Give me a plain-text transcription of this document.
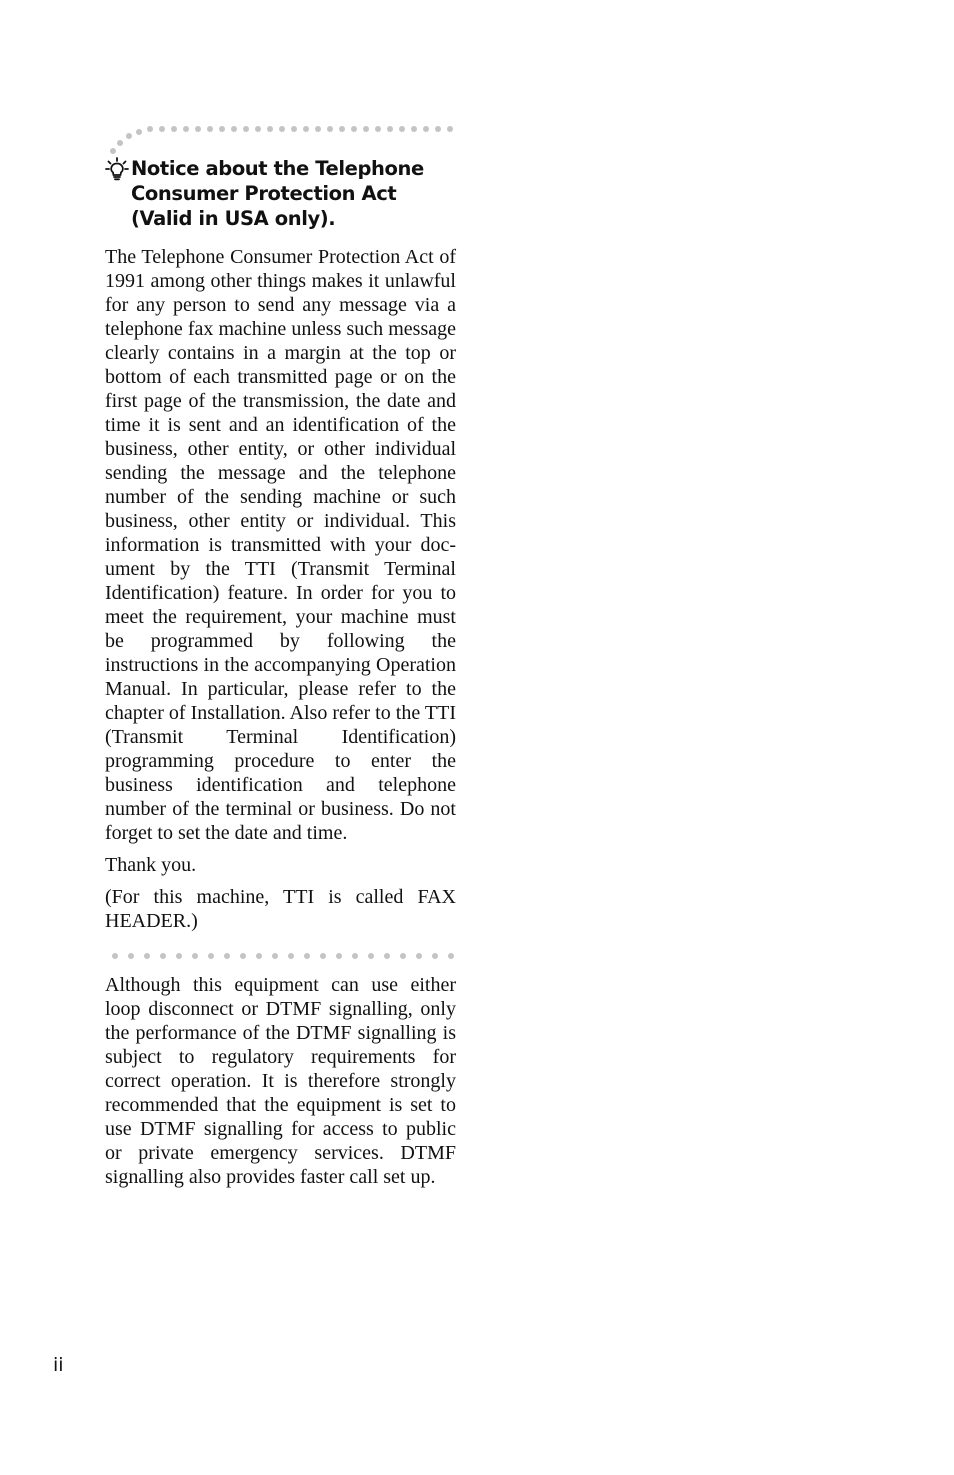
Notice about the Telephone Consumer Protection Act (Valid in USA only).

The Telephone Consumer Protection Act of 1991 among other things makes it unlawful for any person to send any message via a telephone fax machine unless such message clearly contains in a margin at the top or bottom of each transmitted page or on the first page of the transmission, the date and time it is sent and an identification of the business, other entity, or other individual sending the message and the telephone number of the sending machine or such business, other entity or individual. This information is transmitted with your document by the TTI (Transmit Terminal Identification) feature. In order for you to meet the requirement, your machine must be programmed by following the instructions in the accompanying Operation Manual. In particular, please refer to the chapter of Installation. Also refer to the TTI (Transmit Terminal Identification) programming procedure to enter the business identification and telephone number of the terminal or business. Do not forget to set the date and time.

Thank you.

(For this machine, TTI is called FAX HEADER.)

Although this equipment can use either loop disconnect or DTMF signalling, only the performance of the DTMF signalling is subject to regulatory requirements for correct operation. It is therefore strongly recommended that the equipment is set to use DTMF signalling for access to public or private emergency services. DTMF signalling also provides faster call set up.

ii
